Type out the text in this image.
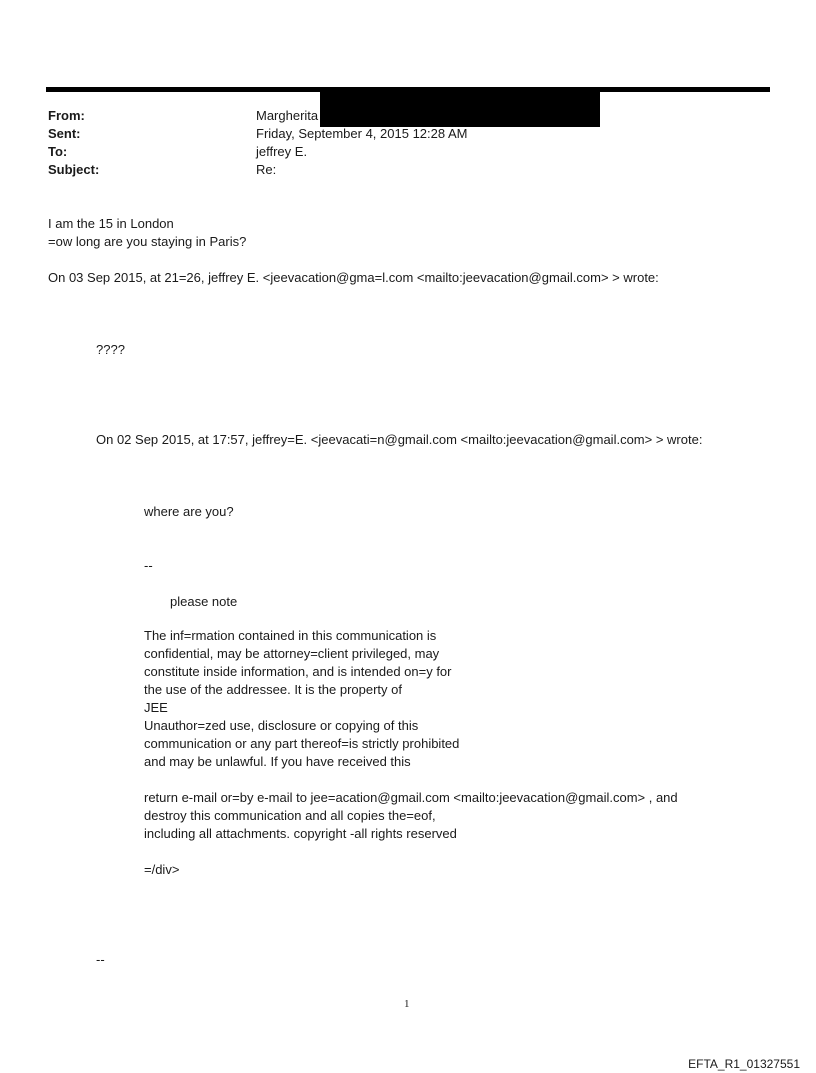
From:	Margherita
Sent:	Friday, September 4, 2015 12:28 AM
To:	jeffrey E.
Subject:	Re:
I am the 15 in London
=ow long are you staying in Paris?
On 03 Sep 2015, at 21=26, jeffrey E. <jeevacation@gma=l.com <mailto:jeevacation@gmail.com> > wrote:
????
On 02 Sep 2015, at 17:57, jeffrey=E. <jeevacati=n@gmail.com <mailto:jeevacation@gmail.com> > wrote:
where are you?
--
please note
The inf=rmation contained in this communication is
confidential, may be attorney=client privileged, may
constitute inside information, and is intended on=y for
the use of the addressee. It is the property of
JEE
Unauthor=zed use, disclosure or copying of this
communication or any part thereof=is strictly prohibited
and may be unlawful. If you have received this
return e-mail or=by e-mail to jee=acation@gmail.com <mailto:jeevacation@gmail.com> , and
destroy this communication and all copies the=eof,
including all attachments. copyright -all rights reserved
=/div>
--
1
EFTA_R1_01327551
